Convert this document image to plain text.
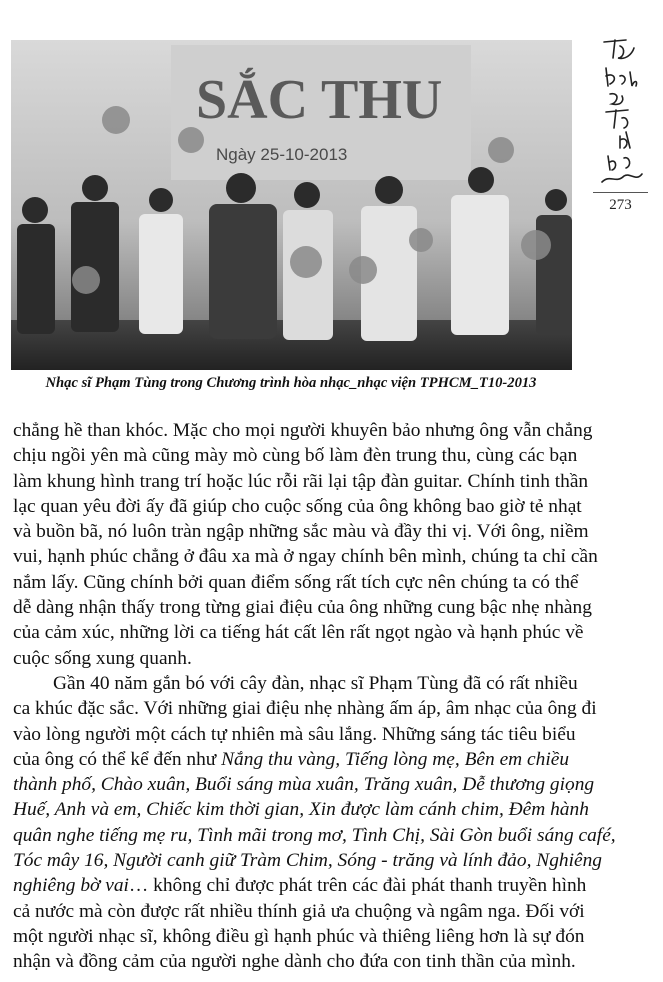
SẮC THU
Ngày 25-10-2013
Nhạc sĩ Phạm Tùng trong Chương trình hòa nhạc_nhạc viện TPHCM_T10-2013
273

chẳng hề than khóc. Mặc cho mọi người khuyên bảo nhưng ông vẫn chẳng
chịu ngồi yên mà cũng mày mò cùng bố làm đèn trung thu, cùng các bạn
làm khung hình trang trí hoặc lúc rỗi rãi lại tập đàn guitar. Chính tinh thần
lạc quan yêu đời ấy đã giúp cho cuộc sống của ông không bao giờ tẻ nhạt
và buồn bã, nó luôn tràn ngập những sắc màu và đầy thi vị. Với ông, niềm
vui, hạnh phúc chẳng ở đâu xa mà ở ngay chính bên mình, chúng ta chỉ cần
nắm lấy. Cũng chính bởi quan điểm sống rất tích cực nên chúng ta có thể
dễ dàng nhận thấy trong từng giai điệu của ông những cung bậc nhẹ nhàng
của cảm xúc, những lời ca tiếng hát cất lên rất ngọt ngào và hạnh phúc về
cuộc sống xung quanh.

Gần 40 năm gắn bó với cây đàn, nhạc sĩ Phạm Tùng đã có rất nhiều
ca khúc đặc sắc. Với những giai điệu nhẹ nhàng ấm áp, âm nhạc của ông đi
vào lòng người một cách tự nhiên mà sâu lắng. Những sáng tác tiêu biểu
của ông có thể kể đến như Nắng thu vàng, Tiếng lòng mẹ, Bên em chiều
thành phố, Chào xuân, Buổi sáng mùa xuân, Trăng xuân, Dễ thương giọng
Huế, Anh và em, Chiếc kim thời gian, Xin được làm cánh chim, Đêm hành
quân nghe tiếng mẹ ru, Tình mãi trong mơ, Tình Chị, Sài Gòn buổi sáng café,
Tóc mây 16, Người canh giữ Tràm Chim, Sóng - trăng và lính đảo, Nghiêng
nghiêng bờ vai… không chỉ được phát trên các đài phát thanh truyền hình
cả nước mà còn được rất nhiều thính giả ưa chuộng và ngâm nga. Đối với
một người nhạc sĩ, không điều gì hạnh phúc và thiêng liêng hơn là sự đón
nhận và đồng cảm của người nghe dành cho đứa con tinh thần của mình.
